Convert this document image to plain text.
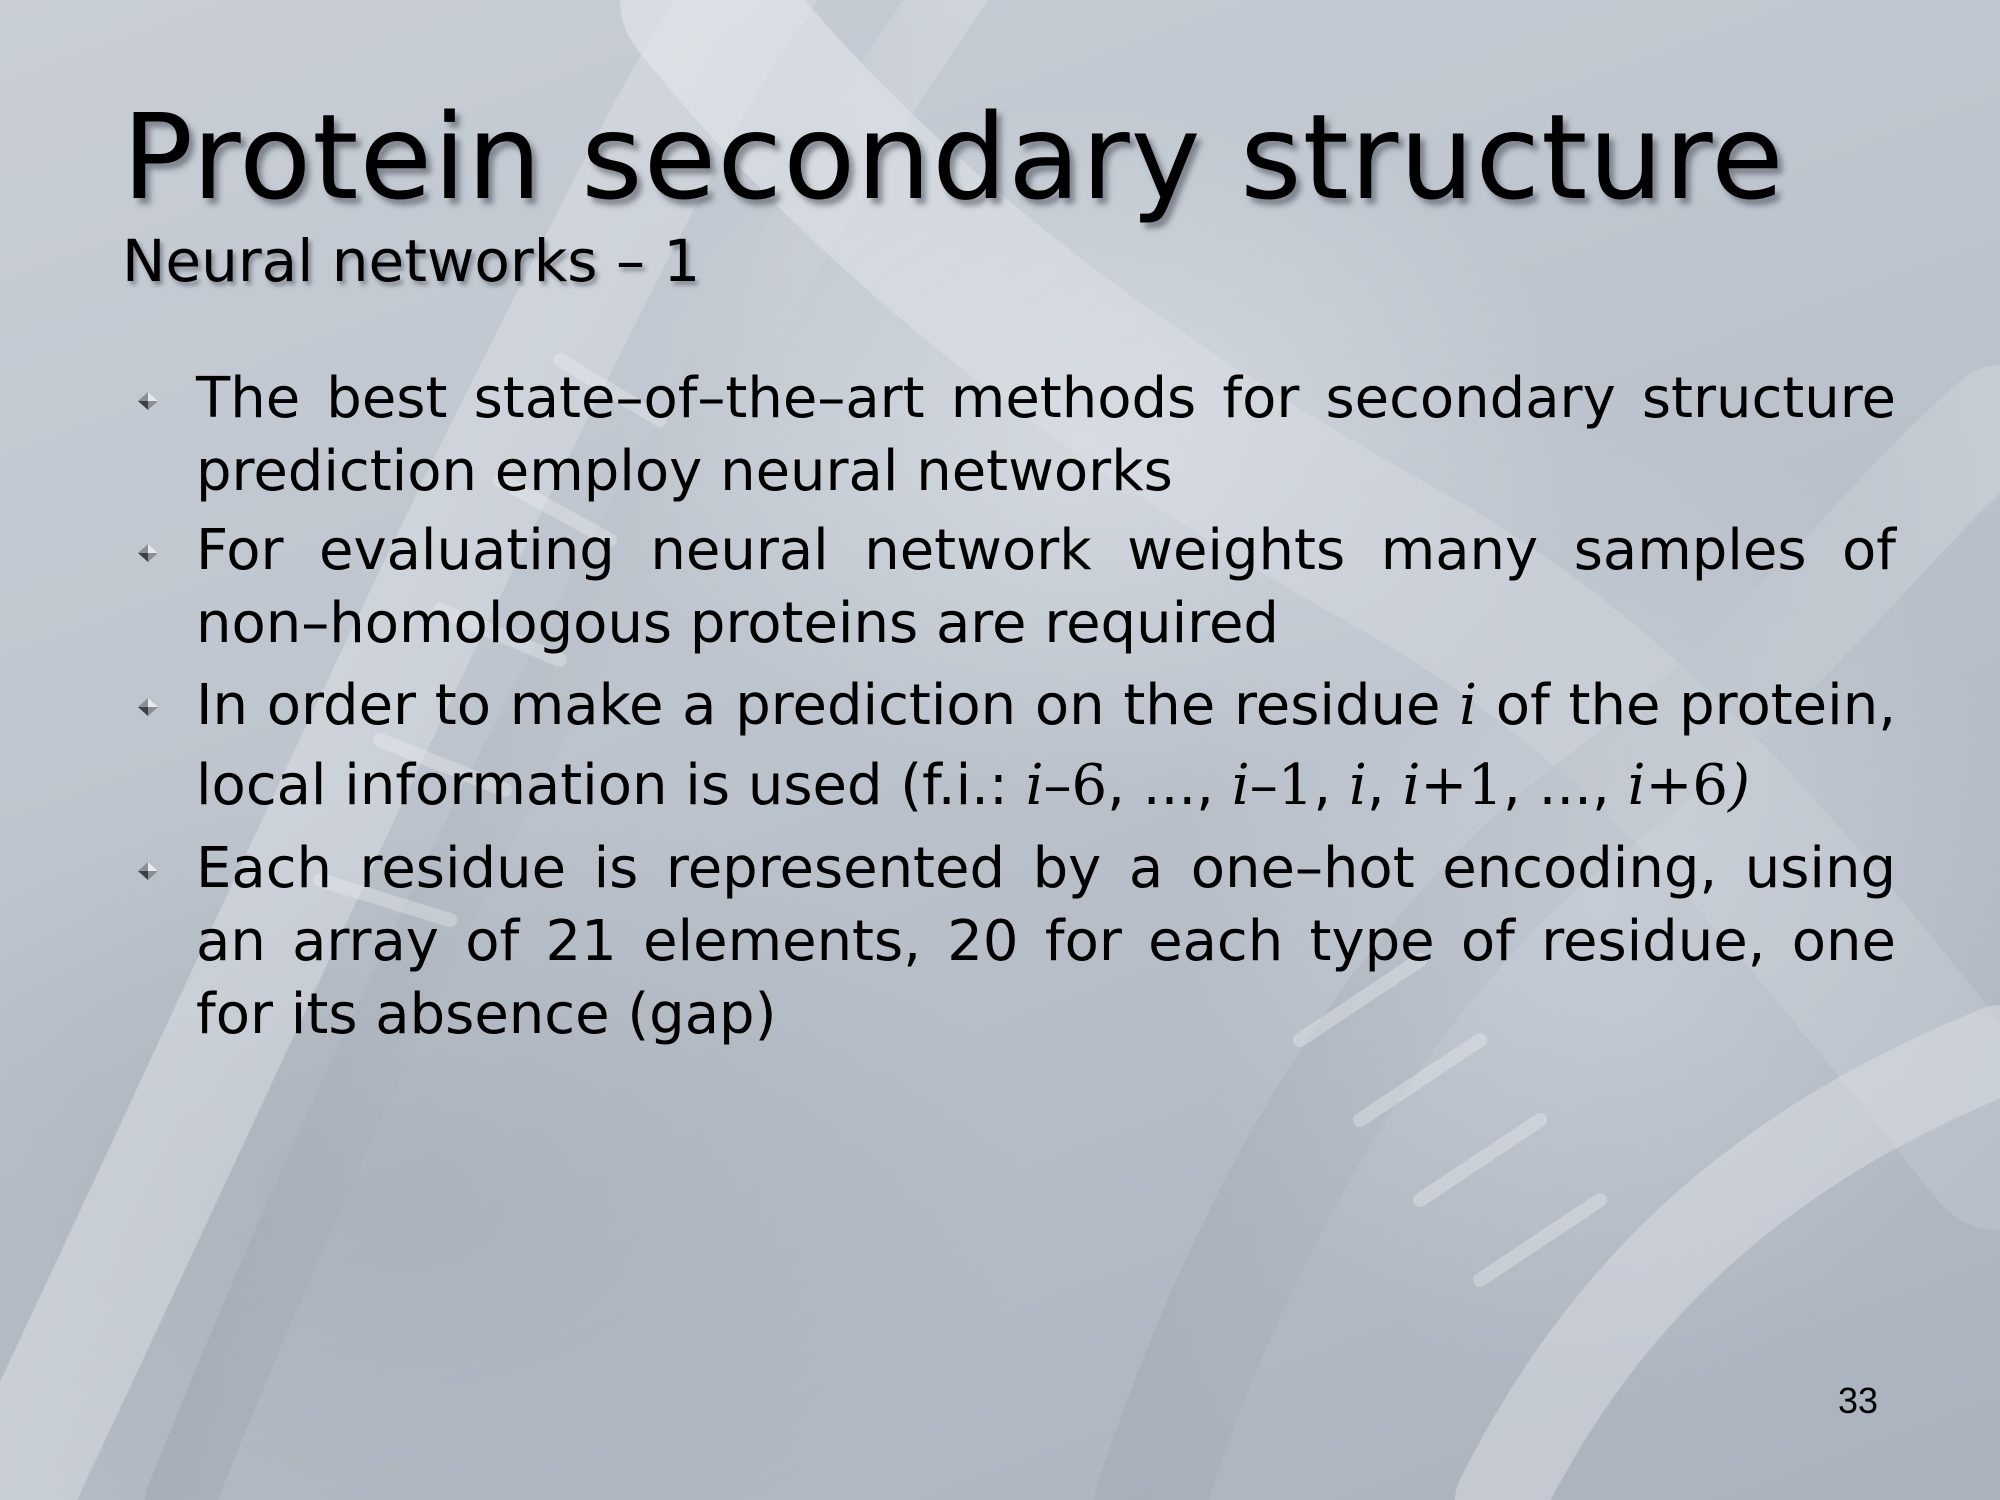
Protein secondary structure
Neural networks – 1
The best state–of–the–art methods for secondary structure prediction employ neural networks
For evaluating neural network weights many samples of non–homologous proteins are required
In order to make a prediction on the residue i of the protein, local information is used (f.i.: i–6, ..., i–1, i, i+1, ..., i+6)
Each residue is represented by a one–hot encoding, using an array of 21 elements, 20 for each type of residue, one for its absence (gap)
33
